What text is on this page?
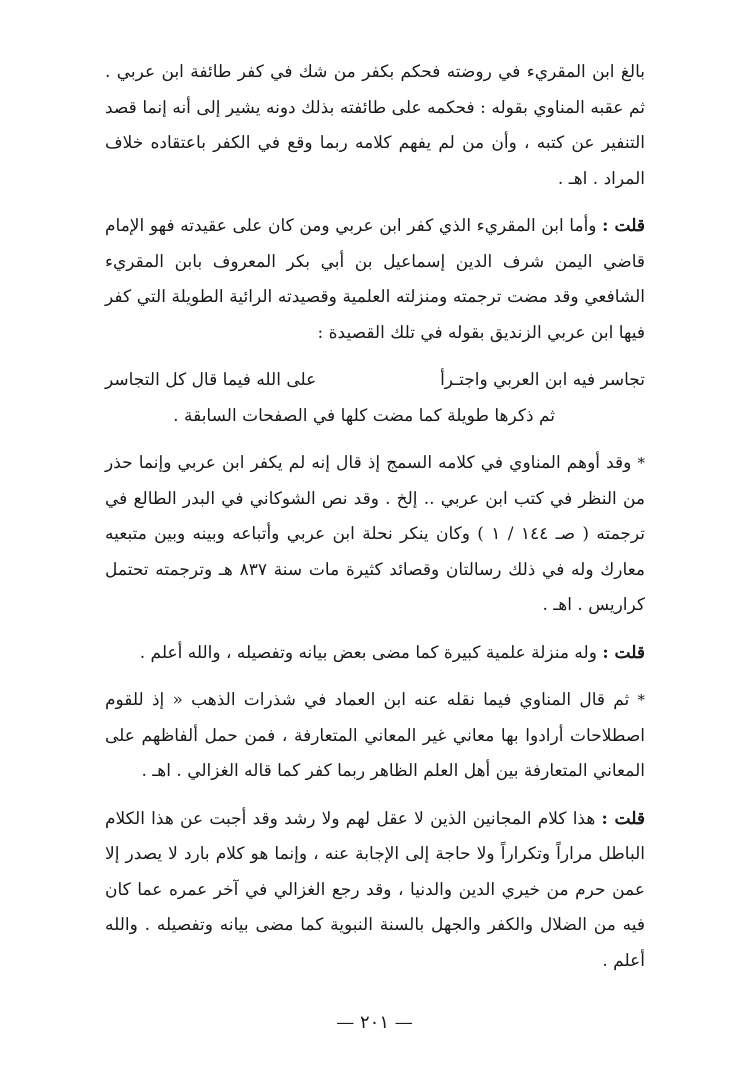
بالغ ابن المقريء في روضته فحكم بكفر من شك في كفر طائفة ابن عربي . ثم عقبه المناوي بقوله : فحكمه على طائفته بذلك دونه يشير إلى أنه إنما قصد التنفير عن كتبه ، وأن من لم يفهم كلامه ربما وقع في الكفر باعتقاده خلاف المراد . اهـ .

قلت : وأما ابن المقريء الذي كفر ابن عربي ومن كان على عقيدته فهو الإمام قاضي اليمن شرف الدين إسماعيل بن أبي بكر المعروف بابن المقريء الشافعي وقد مضت ترجمته ومنزلته العلمية وقصيدته الرائية الطويلة التي كفر فيها ابن عربي الزنديق بقوله في تلك القصيدة :

تجاسر فيه ابن العربي واجتـرأ
على الله فيما قال كل التجاسر

ثم ذكرها طويلة كما مضت كلها في الصفحات السابقة .

* وقد أوهم المناوي في كلامه السمج إذ قال إنه لم يكفر ابن عربي وإنما حذر من النظر في كتب ابن عربي .. إلخ . وقد نص الشوكاني في البدر الطالع في ترجمته ( صـ ١٤٤ / ١ ) وكان ينكر نحلة ابن عربي وأتباعه وبينه وبين متبعيه معارك وله في ذلك رسالتان وقصائد كثيرة مات سنة ٨٣٧ هـ وترجمته تحتمل كراريس . اهـ .

قلت : وله منزلة علمية كبيرة كما مضى بعض بيانه وتفصيله ، والله أعلم .

* ثم قال المناوي فيما نقله عنه ابن العماد في شذرات الذهب « إذ للقوم اصطلاحات أرادوا بها معاني غير المعاني المتعارفة ، فمن حمل ألفاظهم على المعاني المتعارفة بين أهل العلم الظاهر ربما كفر كما قاله الغزالي . اهـ .

قلت : هذا كلام المجانين الذين لا عقل لهم ولا رشد وقد أجبت عن هذا الكلام الباطل مراراً وتكراراً ولا حاجة إلى الإجابة عنه ، وإنما هو كلام بارد لا يصدر إلا عمن حرم من خيري الدين والدنيا ، وقد رجع الغزالي في آخر عمره عما كان فيه من الضلال والكفر والجهل بالسنة النبوية كما مضى بيانه وتفصيله . والله أعلم .

— ٢٠١ —
